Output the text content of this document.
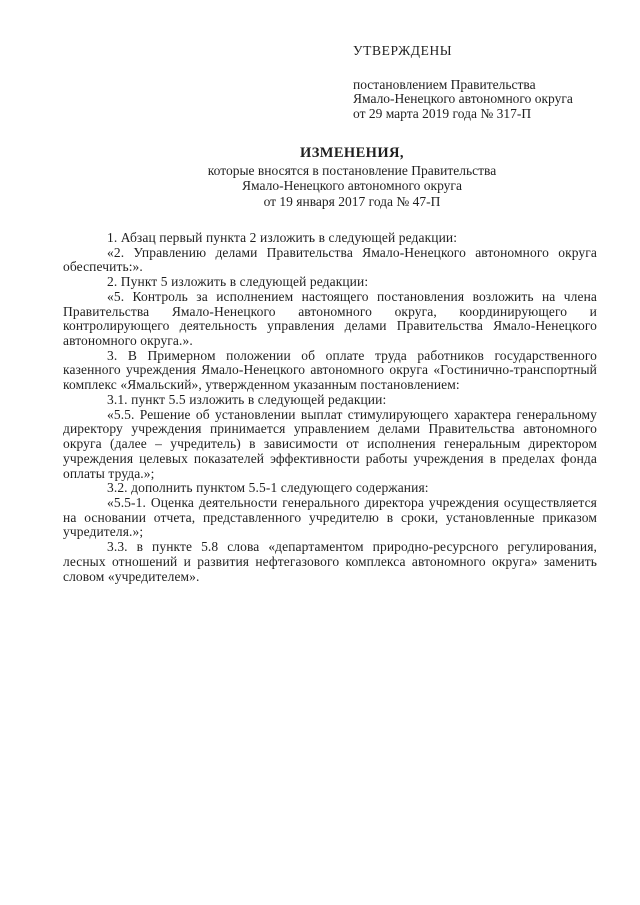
УТВЕРЖДЕНЫ
постановлением Правительства
Ямало-Ненецкого автономного округа
от 29 марта 2019 года № 317-П
ИЗМЕНЕНИЯ,
которые вносятся в постановление Правительства
Ямало-Ненецкого автономного округа
от 19 января 2017 года № 47-П

1. Абзац первый пункта 2 изложить в следующей редакции:

«2. Управлению делами Правительства Ямало-Ненецкого автономного округа обеспечить:».

2. Пункт 5 изложить в следующей редакции:

«5. Контроль за исполнением настоящего постановления возложить на члена Правительства Ямало-Ненецкого автономного округа, координирующего и контролирующего деятельность управления делами Правительства Ямало-Ненецкого автономного округа.».

3. В Примерном положении об оплате труда работников государственного казенного учреждения Ямало-Ненецкого автономного округа «Гостинично-транспортный комплекс «Ямальский», утвержденном указанным постановлением:

3.1. пункт 5.5 изложить в следующей редакции:

«5.5. Решение об установлении выплат стимулирующего характера генеральному директору учреждения принимается управлением делами Правительства автономного округа (далее – учредитель) в зависимости от исполнения генеральным директором учреждения целевых показателей эффективности работы учреждения в пределах фонда оплаты труда.»;

3.2. дополнить пунктом 5.5-1 следующего содержания:

«5.5-1. Оценка деятельности генерального директора учреждения осуществляется на основании отчета, представленного учредителю в сроки, установленные приказом учредителя.»;

3.3. в пункте 5.8 слова «департаментом природно-ресурсного регулирования, лесных отношений и развития нефтегазового комплекса автономного округа» заменить словом «учредителем».
